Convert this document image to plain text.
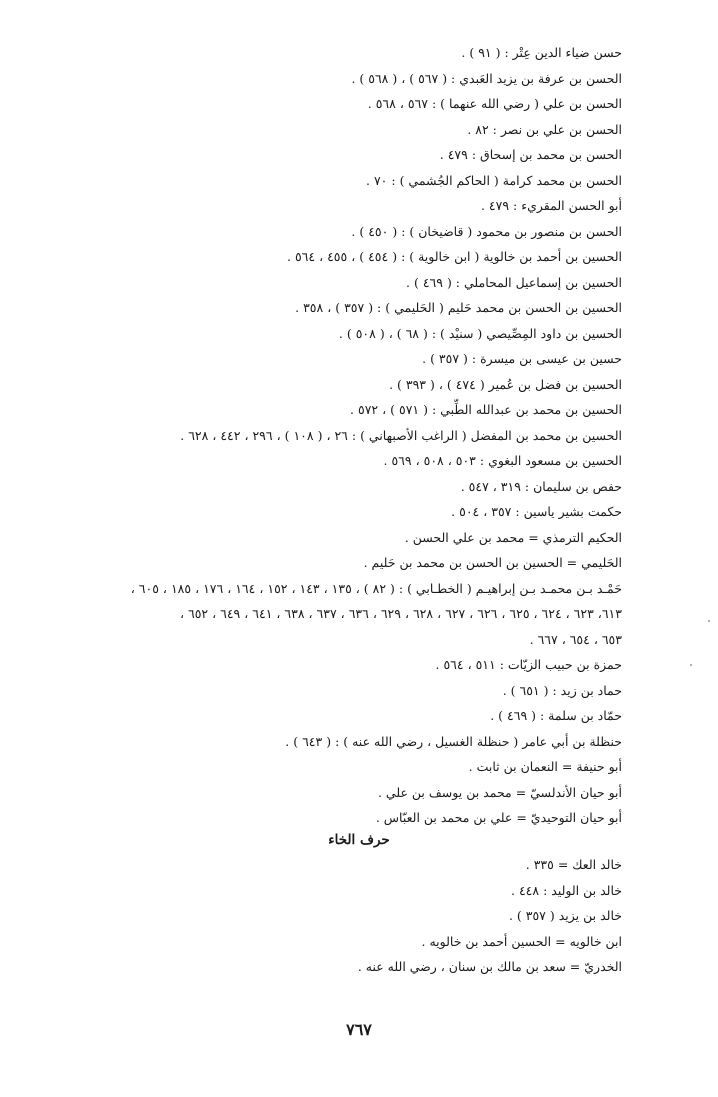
حسن ضياء الدين عِتْر : ( ٩١ ) .
الحسن بن عرفة بن يزيد العَبدي : ( ٥٦٧ ) ، ( ٥٦٨ ) .
الحسن بن علي ( رضي الله عنهما ) : ٥٦٧ ، ٥٦٨ .
الحسن بن علي بن نصر : ٨٢ .
الحسن بن محمد بن إسحاق : ٤٧٩ .
الحسن بن محمد كرامة ( الحاكم الجُشمي ) : ٧٠ .
أبو الحسن المقريء : ٤٧٩ .
الحسن بن منصور بن محمود ( قاضيخان ) : ( ٤٥٠ ) .
الحسين بن أحمد بن خالوية ( ابن خالوية ) : ( ٤٥٤ ) ، ٤٥٥ ، ٥٦٤ .
الحسين بن إسماعيل المحاملي : ( ٤٦٩ ) .
الحسين بن الحسن بن محمد حَليم ( الحَليمي ) : ( ٣٥٧ ) ، ٣٥٨ .
الحسين بن داود المِصِّيصي ( سنيْد ) : ( ٦٨ ) ، ( ٥٠٨ ) .
حسين بن عيسى بن ميسرة : ( ٣٥٧ ) .
الحسين بن فضل بن عُمير ( ٤٧٤ ) ، ( ٣٩٣ ) .
الحسين بن محمد بن عبدالله الطِّبي : ( ٥٧١ ) ، ٥٧٢ .
الحسين بن محمد بن المفضل ( الراغب الأصبهاني ) : ٢٦ ، ( ١٠٨ ) ، ٢٩٦ ، ٤٤٢ ، ٦٢٨ .
الحسين بن مسعود البغوي : ٥٠٣ ، ٥٠٨ ، ٥٦٩ .
حفص بن سليمان : ٣١٩ ، ٥٤٧ .
حكمت بشير ياسين : ٣٥٧ ، ٥٠٤ .
الحكيم الترمذي = محمد بن علي الحسن .
الحَليمي = الحسين بن الحسن بن محمد بن حَليم .
حَمْـد بـن محمـد بـن إبراهيـم ( الخطـابي ) : ( ٨٢ ) ، ١٣٥ ، ١٤٣ ، ١٥٢ ، ١٦٤ ، ١٧٦ ، ١٨٥ ، ٦٠٥ ،
٦١٣، ٦٢٣ ، ٦٢٤ ، ٦٢٥ ، ٦٢٦ ، ٦٢٧ ، ٦٢٨ ، ٦٢٩ ، ٦٣٦ ، ٦٣٧ ، ٦٣٨ ، ٦٤١ ، ٦٤٩ ، ٦٥٢ ،
٦٥٣ ، ٦٥٤ ، ٦٦٧ .
حمزة بن حبيب الزيّات : ٥١١ ، ٥٦٤ .
حماد بن زيد : ( ٦٥١ ) .
حمّاد بن سلمة : ( ٤٦٩ ) .
حنظلة بن أبي عامر ( حنظلة الغسيل ، رضي الله عنه ) : ( ٦٤٣ ) .
أبو حنيفة = النعمان بن ثابت .
أبو حيان الأندلسيّ = محمد بن يوسف بن علي .
أبو حيان التوحيديّ = علي بن محمد بن العبّاس .
حرف الخاء
خالد العك = ٣٣٥ .
خالد بن الوليد : ٤٤٨ .
خالد بن يزيد ( ٣٥٧ ) .
ابن خالويه = الحسين أحمد بن خالويه .
الخدريّ = سعد بن مالك بن سنان ، رضي الله عنه .
٧٦٧
